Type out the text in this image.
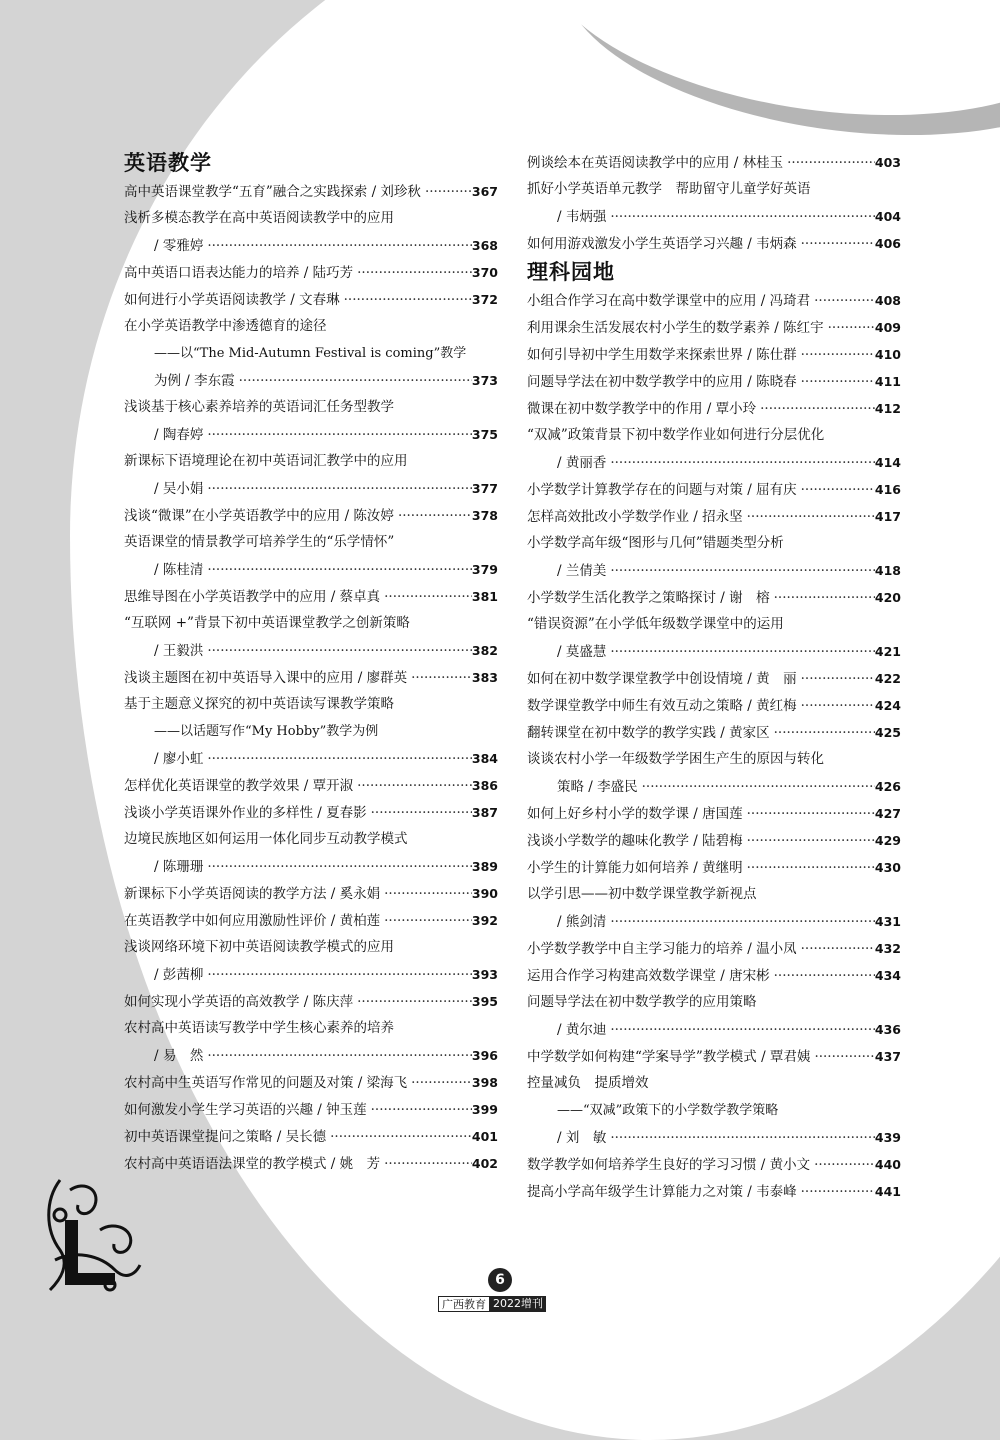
英语教学
高中英语课堂教学“五育”融合之实践探索 / 刘珍秋 ·····	367
浅析多模态教学在高中英语阅读教学中的应用
/ 零雅婷 ·····	368
高中英语口语表达能力的培养 / 陆巧芳 ·····	370
如何进行小学英语阅读教学 / 文春琳 ·····	372
在小学英语教学中渗透德育的途径
——以“The Mid-Autumn Festival is coming”教学
为例 / 李东霞 ·····	373
浅谈基于核心素养培养的英语词汇任务型教学
/ 陶春婷 ·····	375
新课标下语境理论在初中英语词汇教学中的应用
/ 吴小娟 ·····	377
浅谈“微课”在小学英语教学中的应用 / 陈汝婷 ·····	378
英语课堂的情景教学可培养学生的“乐学情怀”
/ 陈桂清 ·····	379
思维导图在小学英语教学中的应用 / 蔡卓真 ·····	381
“互联网 +”背景下初中英语课堂教学之创新策略
/ 王毅洪 ·····	382
浅谈主题图在初中英语导入课中的应用 / 廖群英 ·····	383
基于主题意义探究的初中英语读写课教学策略
——以话题写作“My Hobby”教学为例
/ 廖小虹 ·····	384
怎样优化英语课堂的教学效果 / 覃开淑 ·····	386
浅谈小学英语课外作业的多样性 / 夏春影 ·····	387
边境民族地区如何运用一体化同步互动教学模式
/ 陈珊珊 ·····	389
新课标下小学英语阅读的教学方法 / 奚永娟 ·····	390
在英语教学中如何应用激励性评价 / 黄柏莲 ·····	392
浅谈网络环境下初中英语阅读教学模式的应用
/ 彭茜柳 ·····	393
如何实现小学英语的高效教学 / 陈庆萍 ·····	395
农村高中英语读写教学中学生核心素养的培养
/ 易　然 ·····	396
农村高中生英语写作常见的问题及对策 / 梁海飞 ·····	398
如何激发小学生学习英语的兴趣 / 钟玉莲 ·····	399
初中英语课堂提问之策略 / 吴长德 ·····	401
农村高中英语语法课堂的教学模式 / 姚　芳 ·····	402
例谈绘本在英语阅读教学中的应用 / 林桂玉 ·····	403
抓好小学英语单元教学　帮助留守儿童学好英语
/ 韦炳强 ·····	404
如何用游戏激发小学生英语学习兴趣 / 韦炳森 ·····	406
理科园地
小组合作学习在高中数学课堂中的应用 / 冯琦君 ·····	408
利用课余生活发展农村小学生的数学素养 / 陈红宇 ·····	409
如何引导初中学生用数学来探索世界 / 陈仕群 ·····	410
问题导学法在初中数学教学中的应用 / 陈晓春 ·····	411
微课在初中数学教学中的作用 / 覃小玲 ·····	412
“双减”政策背景下初中数学作业如何进行分层优化
/ 黄丽香 ·····	414
小学数学计算教学存在的问题与对策 / 屈有庆 ·····	416
怎样高效批改小学数学作业 / 招永坚 ·····	417
小学数学高年级“图形与几何”错题类型分析
/ 兰倩美 ·····	418
小学数学生活化教学之策略探讨 / 谢　榕 ·····	420
“错误资源”在小学低年级数学课堂中的运用
/ 莫盛慧 ·····	421
如何在初中数学课堂教学中创设情境 / 黄　丽 ·····	422
数学课堂教学中师生有效互动之策略 / 黄红梅 ·····	424
翻转课堂在初中数学的教学实践 / 黄家区 ·····	425
谈谈农村小学一年级数学学困生产生的原因与转化
策略 / 李盛民 ·····	426
如何上好乡村小学的数学课 / 唐国莲 ·····	427
浅谈小学数学的趣味化教学 / 陆碧梅 ·····	429
小学生的计算能力如何培养 / 黄继明 ·····	430
以学引思——初中数学课堂教学新视点
/ 熊剑清 ·····	431
小学数学教学中自主学习能力的培养 / 温小凤 ·····	432
运用合作学习构建高效数学课堂 / 唐宋彬 ·····	434
问题导学法在初中数学教学的应用策略
/ 黄尔迪 ·····	436
中学数学如何构建“学案导学”教学模式 / 覃君姨 ·····	437
控量减负　提质增效
——“双减”政策下的小学数学教学策略
/ 刘　敏 ·····	439
数学教学如何培养学生良好的学习习惯 / 黄小文 ·····	440
提高小学高年级学生计算能力之对策 / 韦泰峰 ·····	441
6
广西教育 2022增刊
